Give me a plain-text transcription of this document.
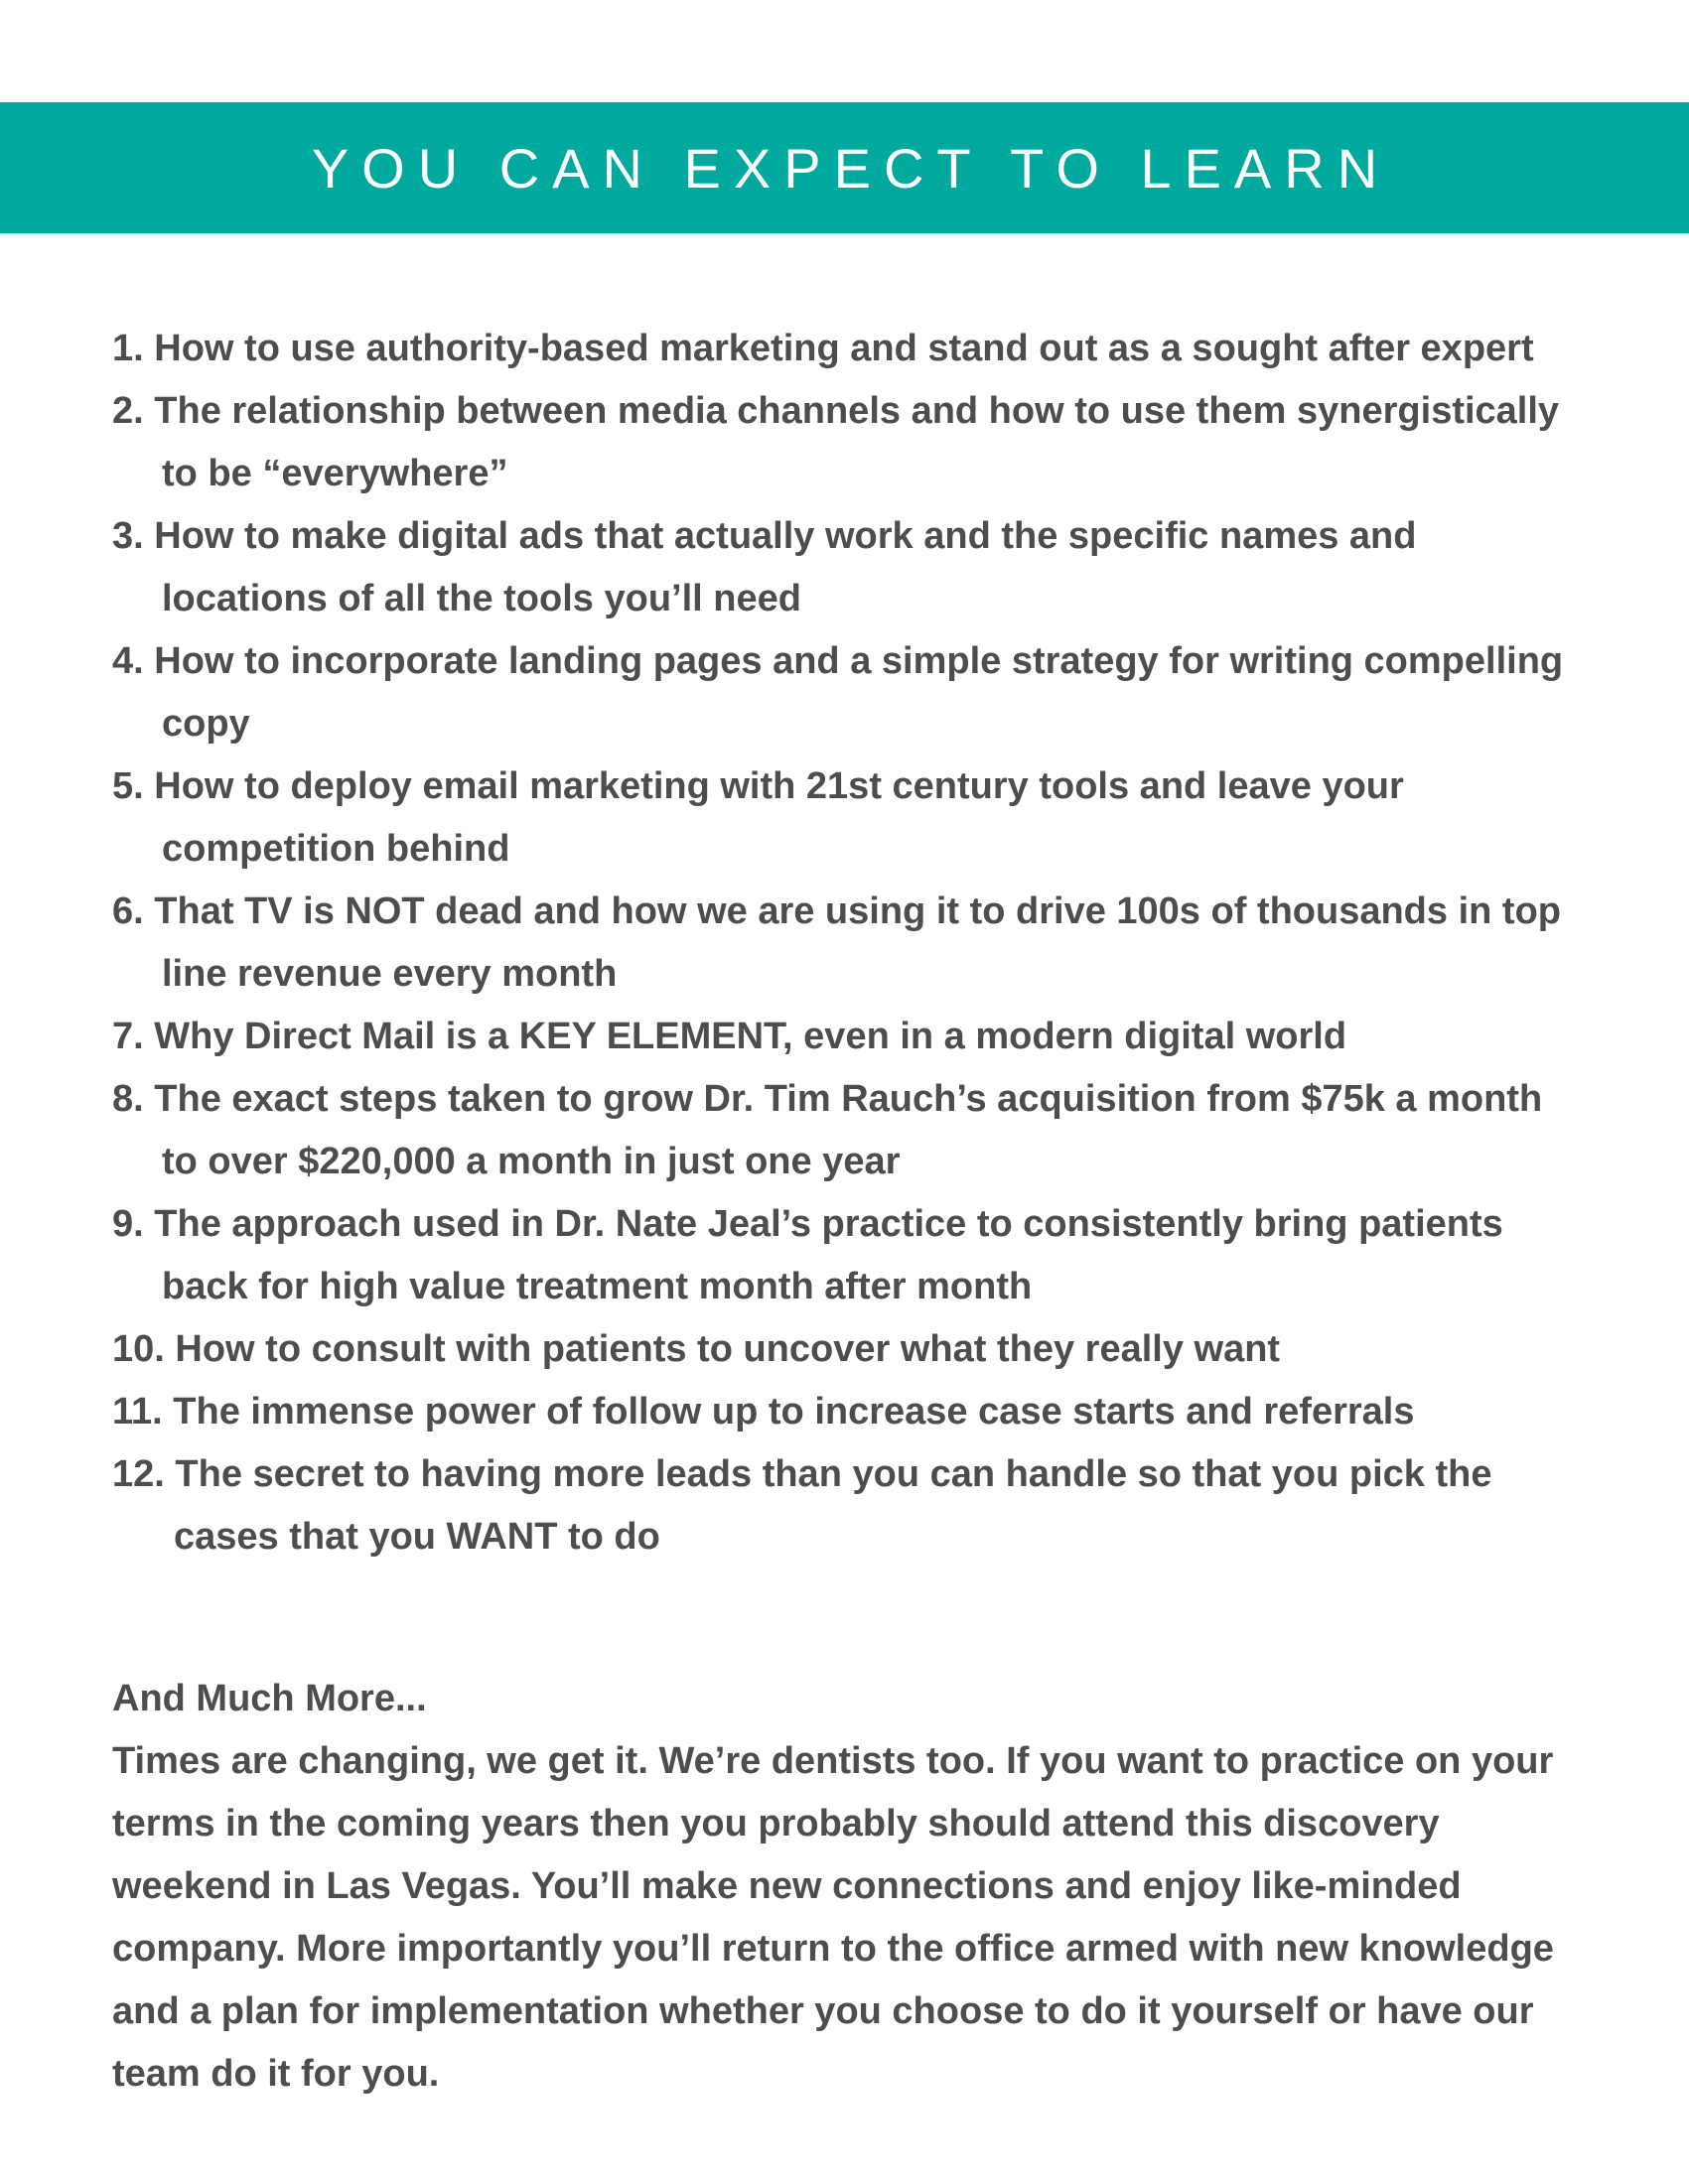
YOU CAN EXPECT TO LEARN
1. How to use authority-based marketing and stand out as a sought after expert
2. The relationship between media channels and how to use them synergistically to be “everywhere”
3. How to make digital ads that actually work and the specific names and locations of all the tools you’ll need
4. How to incorporate landing pages and a simple strategy for writing compelling copy
5. How to deploy email marketing with 21st century tools and leave your competition behind
6. That TV is NOT dead and how we are using it to drive 100s of thousands in top line revenue every month
7. Why Direct Mail is a KEY ELEMENT, even in a modern digital world
8. The exact steps taken to grow Dr. Tim Rauch’s acquisition from $75k a month to over $220,000 a month in just one year
9. The approach used in Dr. Nate Jeal’s practice to consistently bring patients back for high value treatment month after month
10. How to consult with patients to uncover what they really want
11. The immense power of follow up to increase case starts and referrals
12. The secret to having more leads than you can handle so that you pick the cases that you WANT to do
And Much More...

Times are changing, we get it. We’re dentists too. If you want to practice on your terms in the coming years then you probably should attend this discovery weekend in Las Vegas. You’ll make new connections and enjoy like-minded company. More importantly you’ll return to the office armed with new knowledge and a plan for implementation whether you choose to do it yourself or have our team do it for you.
